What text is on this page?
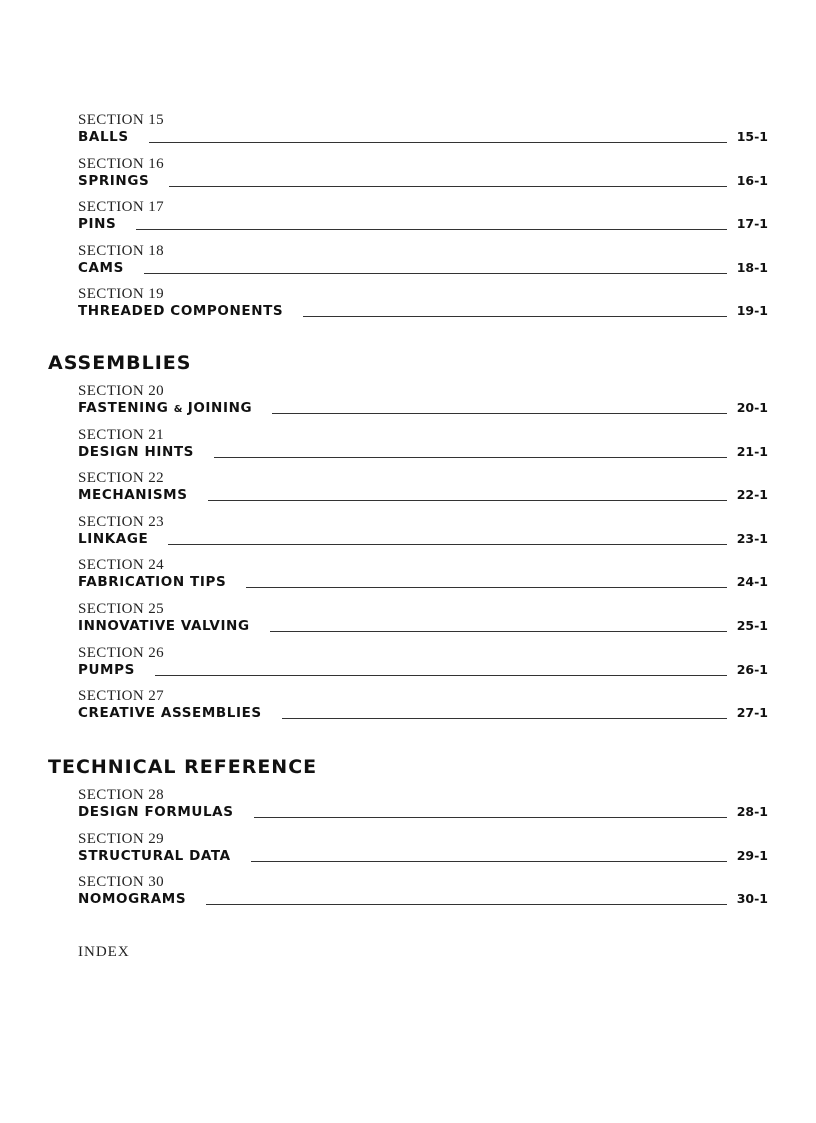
SECTION 15
BALLS	15-1
SECTION 16
SPRINGS	16-1
SECTION 17
PINS	17-1
SECTION 18
CAMS	18-1
SECTION 19
THREADED COMPONENTS	19-1
ASSEMBLIES
SECTION 20
FASTENING & JOINING	20-1
SECTION 21
DESIGN HINTS	21-1
SECTION 22
MECHANISMS	22-1
SECTION 23
LINKAGE	23-1
SECTION 24
FABRICATION TIPS	24-1
SECTION 25
INNOVATIVE VALVING	25-1
SECTION 26
PUMPS	26-1
SECTION 27
CREATIVE ASSEMBLIES	27-1
TECHNICAL REFERENCE
SECTION 28
DESIGN FORMULAS	28-1
SECTION 29
STRUCTURAL DATA	29-1
SECTION 30
NOMOGRAMS	30-1
INDEX
